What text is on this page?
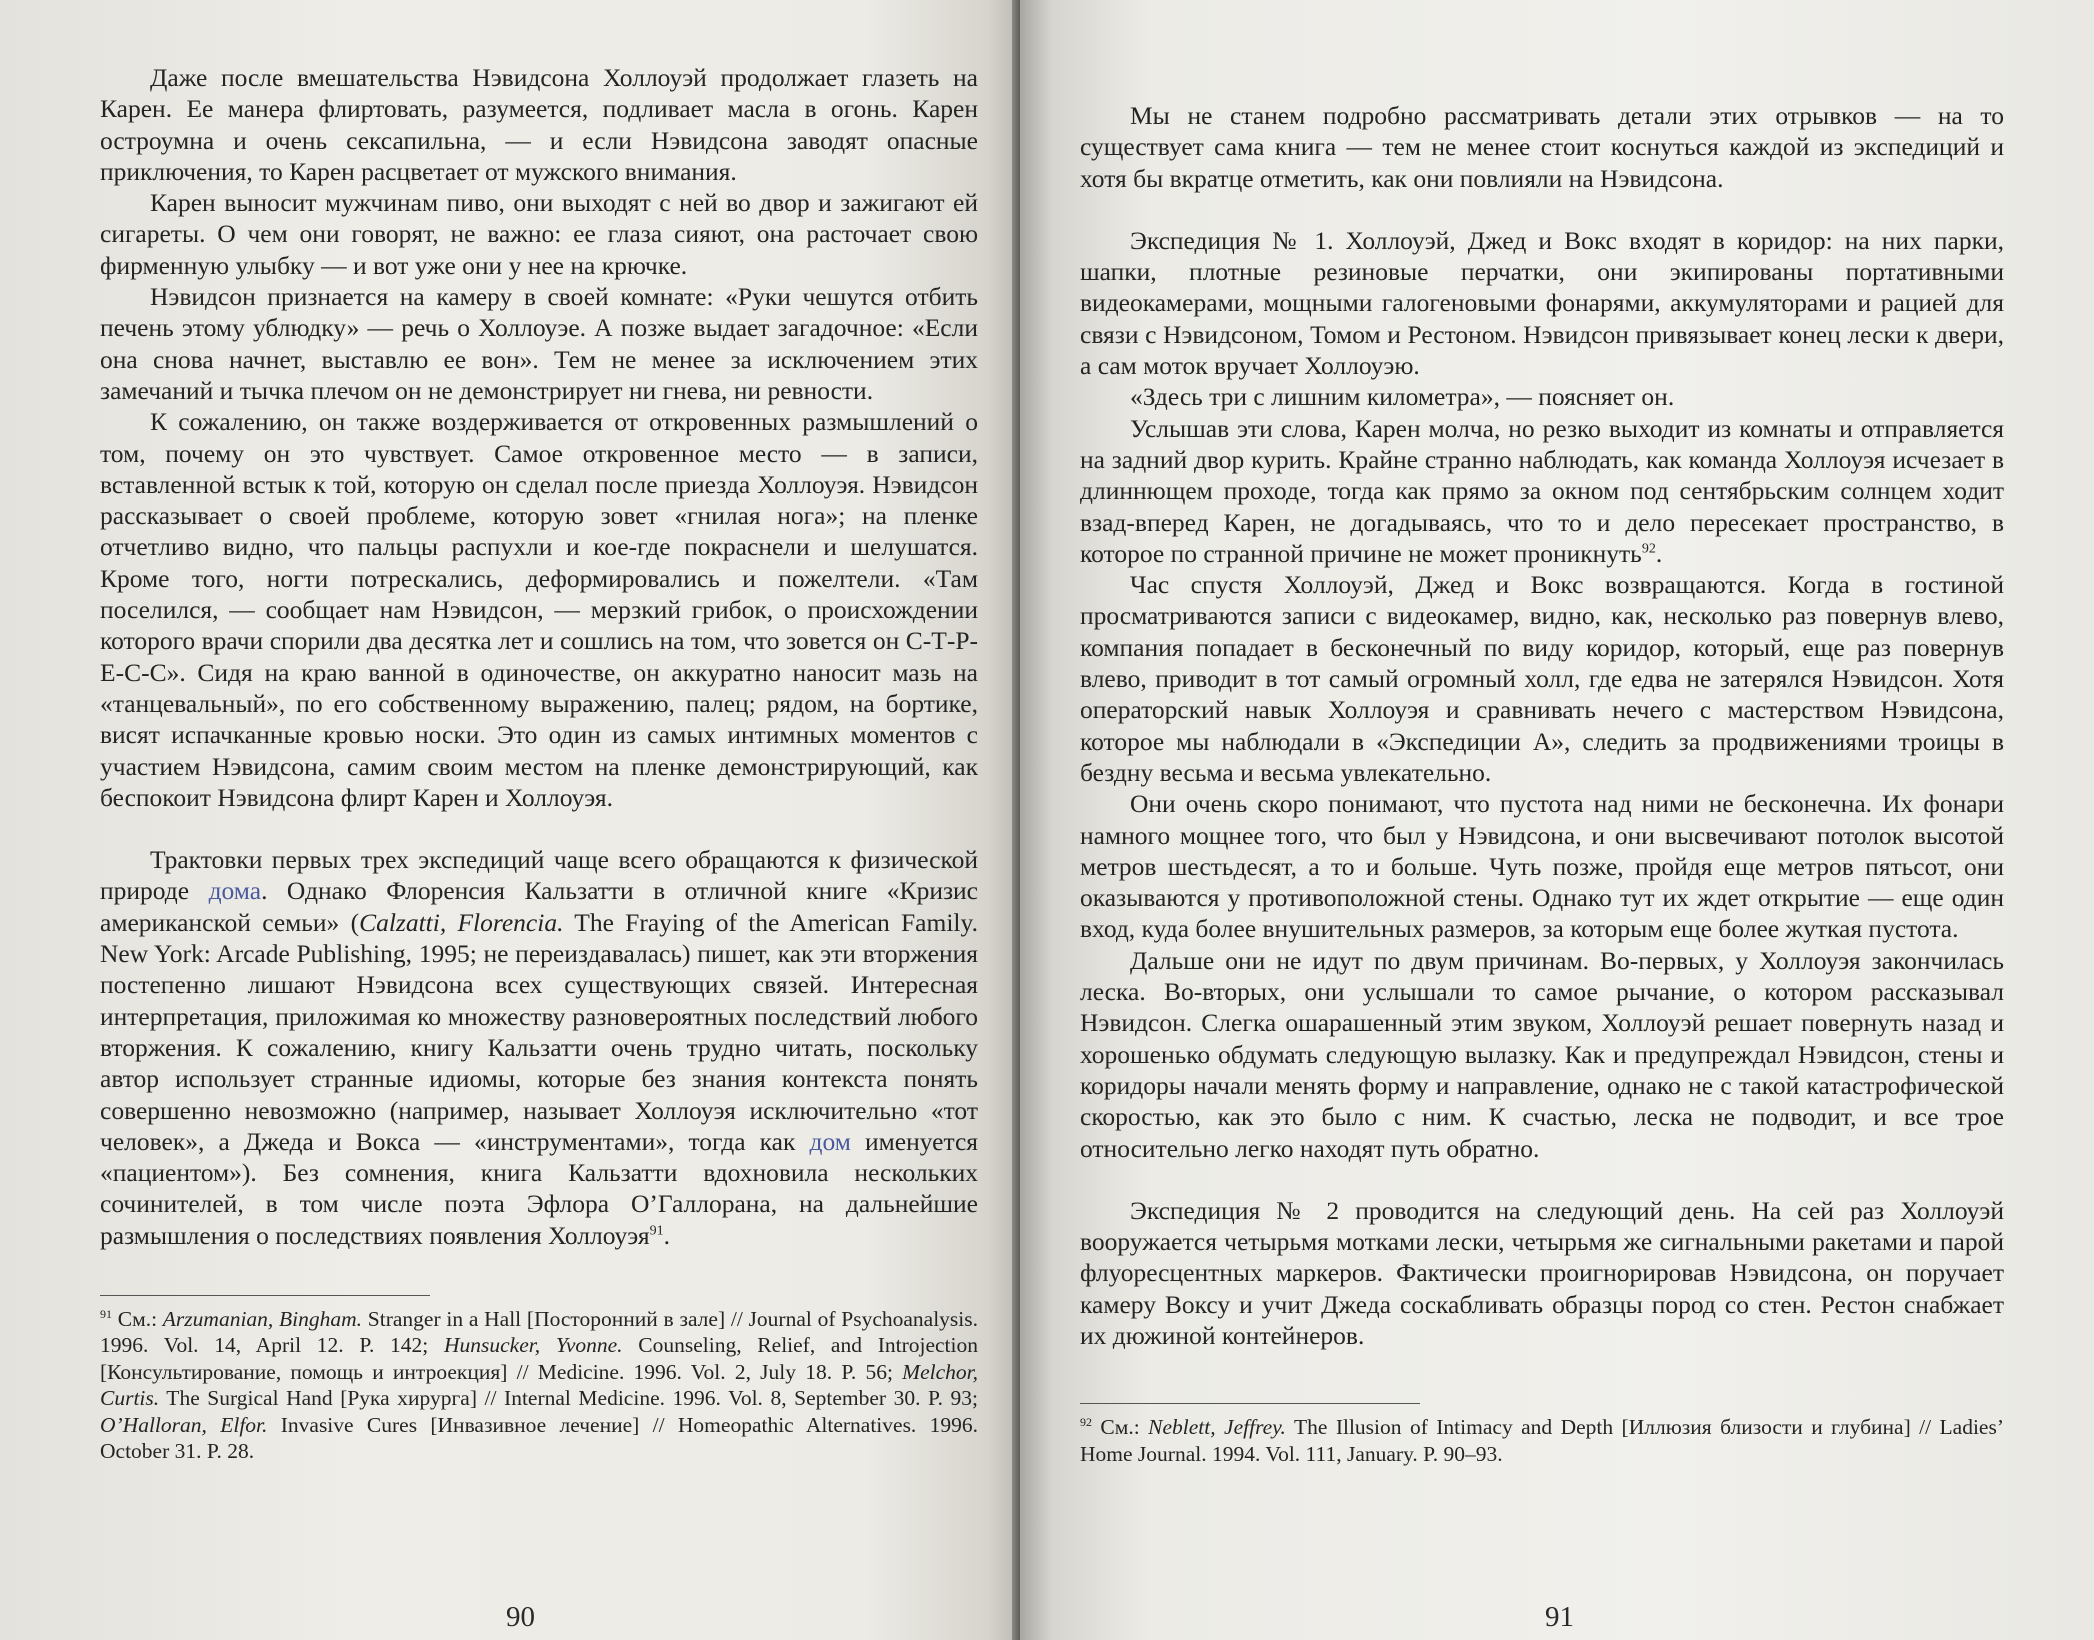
Даже после вмешательства Нэвидсона Холлоуэй продолжает глазеть на Карен. Ее манера флиртовать, разумеется, подливает масла в огонь. Карен остроумна и очень сексапильна, — и если Нэвидсона заводят опасные приключения, то Карен расцветает от мужского внимания.

Карен выносит мужчинам пиво, они выходят с ней во двор и зажигают ей сигареты. О чем они говорят, не важно: ее глаза сияют, она расточает свою фирменную улыбку — и вот уже они у нее на крючке.

Нэвидсон признается на камеру в своей комнате: «Руки чешутся отбить печень этому ублюдку» — речь о Холлоуэе. А позже выдает загадочное: «Если она снова начнет, выставлю ее вон». Тем не менее за исключением этих замечаний и тычка плечом он не демонстрирует ни гнева, ни ревности.

К сожалению, он также воздерживается от откровенных размышлений о том, почему он это чувствует. Самое откровенное место — в записи, вставленной встык к той, которую он сделал после приезда Холлоуэя. Нэвидсон рассказывает о своей проблеме, которую зовет «гнилая нога»; на пленке отчетливо видно, что пальцы распухли и кое-где покраснели и шелушатся. Кроме того, ногти потрескались, деформировались и пожелтели. «Там поселился, — сообщает нам Нэвидсон, — мерзкий грибок, о происхождении которого врачи спорили два десятка лет и сошлись на том, что зовется он С-Т-Р-Е-С-С». Сидя на краю ванной в одиночестве, он аккуратно наносит мазь на «танцевальный», по его собственному выражению, палец; рядом, на бортике, висят испачканные кровью носки. Это один из самых интимных моментов с участием Нэвидсона, самим своим местом на пленке демонстрирующий, как беспокоит Нэвидсона флирт Карен и Холлоуэя.

Трактовки первых трех экспедиций чаще всего обращаются к физической природе дома. Однако Флоренсия Кальзатти в отличной книге «Кризис американской семьи» (Calzatti, Florencia. The Fraying of the American Family. New York: Arcade Publishing, 1995; не переиздавалась) пишет, как эти вторжения постепенно лишают Нэвидсона всех существующих связей. Интересная интерпретация, приложимая ко множеству разновероятных последствий любого вторжения. К сожалению, книгу Кальзатти очень трудно читать, поскольку автор использует странные идиомы, которые без знания контекста понять совершенно невозможно (например, называет Холлоуэя исключительно «тот человек», а Джеда и Вокса — «инструментами», тогда как дом именуется «пациентом»). Без сомнения, книга Кальзатти вдохновила нескольких сочинителей, в том числе поэта Эфлора О’Галлорана, на дальнейшие размышления о последствиях появления Холлоуэя$^{91}$.

$^{91}$ См.: Arzumanian, Bingham. Stranger in a Hall [Посторонний в зале] // Journal of Psychoanalysis. 1996. Vol. 14, April 12. P. 142; Hunsucker, Yvonne. Counseling, Relief, and Introjection [Консультирование, помощь и интроекция] // Medicine. 1996. Vol. 2, July 18. P. 56; Melchor, Curtis. The Surgical Hand [Рука хирурга] // Internal Medicine. 1996. Vol. 8, September 30. P. 93; O’Halloran, Elfor. Invasive Cures [Инвазивное лечение] // Homeopathic Alternatives. 1996. October 31. P. 28.

90

Мы не станем подробно рассматривать детали этих отрывков — на то существует сама книга — тем не менее стоит коснуться каждой из экспедиций и хотя бы вкратце отметить, как они повлияли на Нэвидсона.

Экспедиция № 1. Холлоуэй, Джед и Вокс входят в коридор: на них парки, шапки, плотные резиновые перчатки, они экипированы портативными видеокамерами, мощными галогеновыми фонарями, аккумуляторами и рацией для связи с Нэвидсоном, Томом и Рестоном. Нэвидсон привязывает конец лески к двери, а сам моток вручает Холлоуэю.

«Здесь три с лишним километра», — поясняет он.

Услышав эти слова, Карен молча, но резко выходит из комнаты и отправляется на задний двор курить. Крайне странно наблюдать, как команда Холлоуэя исчезает в длиннющем проходе, тогда как прямо за окном под сентябрьским солнцем ходит взад-вперед Карен, не догадываясь, что то и дело пересекает пространство, в которое по странной причине не может проникнуть$^{92}$.

Час спустя Холлоуэй, Джед и Вокс возвращаются. Когда в гостиной просматриваются записи с видеокамер, видно, как, несколько раз повернув влево, компания попадает в бесконечный по виду коридор, который, еще раз повернув влево, приводит в тот самый огромный холл, где едва не затерялся Нэвидсон. Хотя операторский навык Холлоуэя и сравнивать нечего с мастерством Нэвидсона, которое мы наблюдали в «Экспедиции А», следить за продвижениями троицы в бездну весьма и весьма увлекательно.

Они очень скоро понимают, что пустота над ними не бесконечна. Их фонари намного мощнее того, что был у Нэвидсона, и они высвечивают потолок высотой метров шестьдесят, а то и больше. Чуть позже, пройдя еще метров пятьсот, они оказываются у противоположной стены. Однако тут их ждет открытие — еще один вход, куда более внушительных размеров, за которым еще более жуткая пустота.

Дальше они не идут по двум причинам. Во-первых, у Холлоуэя закончилась леска. Во-вторых, они услышали то самое рычание, о котором рассказывал Нэвидсон. Слегка ошарашенный этим звуком, Холлоуэй решает повернуть назад и хорошенько обдумать следующую вылазку. Как и предупреждал Нэвидсон, стены и коридоры начали менять форму и направление, однако не с такой катастрофической скоростью, как это было с ним. К счастью, леска не подводит, и все трое относительно легко находят путь обратно.

Экспедиция № 2 проводится на следующий день. На сей раз Холлоуэй вооружается четырьмя мотками лески, четырьмя же сигнальными ракетами и парой флуоресцентных маркеров. Фактически проигнорировав Нэвидсона, он поручает камеру Воксу и учит Джеда соскабливать образцы пород со стен. Рестон снабжает их дюжиной контейнеров.

$^{92}$ См.: Neblett, Jeffrey. The Illusion of Intimacy and Depth [Иллюзия близости и глубина] // Ladies’ Home Journal. 1994. Vol. 111, January. P. 90–93.

91
